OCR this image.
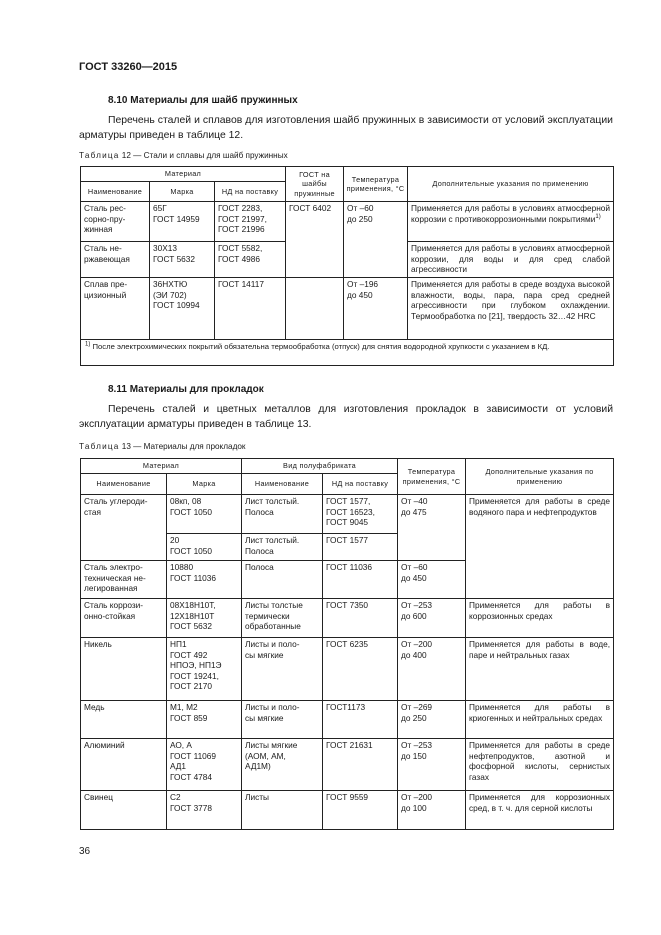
ГОСТ 33260—2015
8.10 Материалы для шайб пружинных
Перечень сталей и сплавов для изготовления шайб пружинных в зависимости от условий эксплуатации арматуры приведен в таблице 12.
Таблица 12 — Стали и сплавы для шайб пружинных
Материал			ГОСТ на шайбы пружинные	Температура применения, °С	Дополнительные указания по применению
Наименование	Марка	НД на поставку			
Сталь рес-
сорно-пру-
жинная	65Г
ГОСТ 14959	ГОСТ 2283,
ГОСТ 21997,
ГОСТ 21996	ГОСТ 6402	От –60
до 250	Применяется для работы в условиях атмосферной коррозии с противокоррозионными покрытиями$^{1)}$
Сталь не-
ржавеющая	30Х13
ГОСТ 5632	ГОСТ 5582,
ГОСТ 4986			Применяется для работы в условиях атмосферной коррозии, для воды и для сред слабой агрессивности
Сплав пре-
цизионный	36НХТЮ
(ЭИ 702)
ГОСТ 10994	ГОСТ 14117		От –196
до 450	Применяется для работы в среде воздуха высокой влажности, воды, пара, пара сред средней агрессивности при глубоком охлаждении. Термообработка по [21], твердость 32…42 HRC
$^{1)}$ После электрохимических покрытий обязательна термообработка (отпуск) для снятия водородной хрупкости с указанием в КД.					
8.11 Материалы для прокладок
Перечень сталей и цветных металлов для изготовления прокладок в зависимости от условий эксплуатации арматуры приведен в таблице 13.
Таблица 13 — Материалы для прокладок
Материал		Вид полуфабриката		Температура применения, °С	Дополнительные указания по применению
Наименование	Марка	Наименование	НД на поставку		
Сталь углероди-
стая	08кп, 08
ГОСТ 1050	Лист толстый.
Полоса	ГОСТ 1577,
ГОСТ 16523,
ГОСТ 9045	От –40
до 475	Применяется для работы в среде водяного пара и нефтепродуктов
	20
ГОСТ 1050	Лист толстый.
Полоса	ГОСТ 1577		

Сталь электро-
техническая не-
легированная	10880
ГОСТ 11036	Полоса	ГОСТ 11036	От –60
до 450	
Сталь коррози-
онно-стойкая	08Х18Н10Т,
12Х18Н10Т
ГОСТ 5632	Листы толстые
термически
обработанные	ГОСТ 7350	От –253
до 600	Применяется для работы в коррозионных средах
Никель	НП1
ГОСТ 492
НПОЭ, НП1Э
ГОСТ 19241,
ГОСТ 2170	Листы и поло-
сы мягкие	ГОСТ 6235	От –200
до 400	Применяется для работы в воде, паре и нейтральных газах
Медь	М1, М2
ГОСТ 859	Листы и поло-
сы мягкие	ГОСТ1173	От –269
до 250	Применяется для работы в криогенных и нейтральных средах
Алюминий	АО, А
ГОСТ 11069
АД1
ГОСТ 4784	Листы мягкие
(АОМ, АМ,
АД1М)	ГОСТ 21631	От –253
до 150	Применяется для работы в среде нефтепродуктов, азотной и фосфорной кислоты, сернистых газах
Свинец	С2
ГОСТ 3778	Листы	ГОСТ 9559	От –200
до 100	Применяется для коррозионных сред, в т. ч. для серной кислоты
36
